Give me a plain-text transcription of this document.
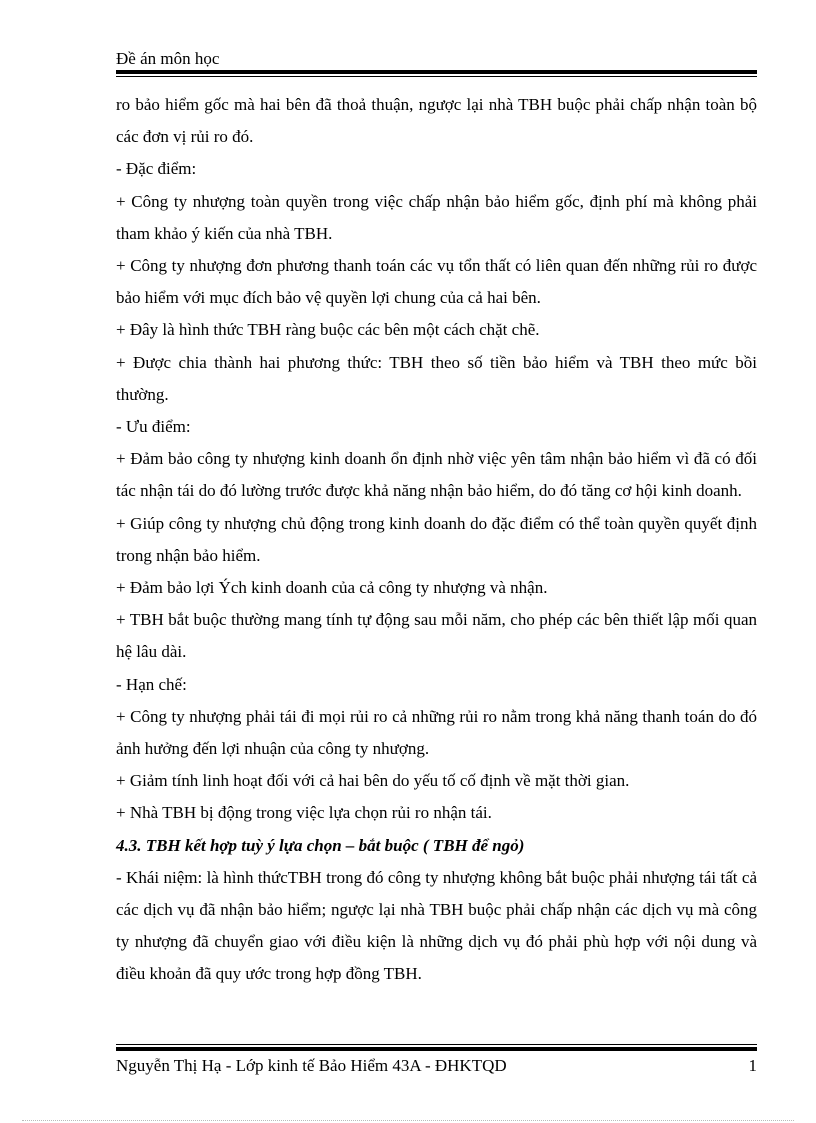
Đề án môn học

ro bảo hiểm gốc mà hai bên đã thoả thuận, ngược lại nhà TBH buộc phải chấp nhận toàn bộ các đơn vị rủi ro đó.

- Đặc điểm:

+ Công ty nhượng toàn quyền trong việc chấp nhận bảo hiểm gốc, định phí mà không phải tham khảo ý kiến của nhà TBH.

+ Công ty nhượng đơn phương thanh toán các vụ tổn thất có liên quan đến những rủi ro được bảo hiểm với mục đích bảo vệ quyền lợi chung của cả hai bên.

+ Đây là hình thức TBH ràng buộc các bên một cách chặt chẽ.

+ Được chia thành hai phương thức: TBH theo số tiền bảo hiểm và TBH theo mức bồi thường.

- Ưu điểm:

+ Đảm bảo công ty nhượng kinh doanh ổn định nhờ việc yên tâm nhận bảo hiểm vì đã có đối tác nhận tái do đó lường trước được khả năng nhận bảo hiểm, do đó tăng cơ hội kinh doanh.

+ Giúp công ty nhượng chủ động trong kinh doanh do đặc điểm có thể toàn quyền quyết định trong nhận bảo hiểm.

+ Đảm bảo lợi Ých kinh doanh của cả công ty nhượng và nhận.

+ TBH bắt buộc thường mang tính tự động sau mỗi năm, cho phép các bên thiết lập mối quan hệ lâu dài.

- Hạn chế:

+ Công ty nhượng phải tái đi mọi rủi ro cả những rủi ro nằm trong khả năng thanh toán do đó ảnh hưởng đến lợi nhuận của công ty nhượng.

+ Giảm tính linh hoạt đối với cả hai bên do yếu tố cố định về mặt thời gian.

+ Nhà TBH bị động trong việc lựa chọn rủi ro nhận tái.

4.3. TBH kết hợp tuỳ ý lựa chọn – bắt buộc ( TBH để ngỏ)

- Khái niệm: là hình thứcTBH trong đó công ty nhượng không bắt buộc phải nhượng tái tất cả các dịch vụ đã nhận bảo hiểm; ngược lại nhà TBH buộc phải chấp nhận các dịch vụ mà công ty nhượng đã chuyển giao với điều kiện là những dịch vụ đó phải phù hợp với nội dung và điều khoản đã quy ước trong hợp đồng TBH.

Nguyễn Thị Hạ - Lớp kinh tế Bảo Hiểm 43A - ĐHKTQD	1
